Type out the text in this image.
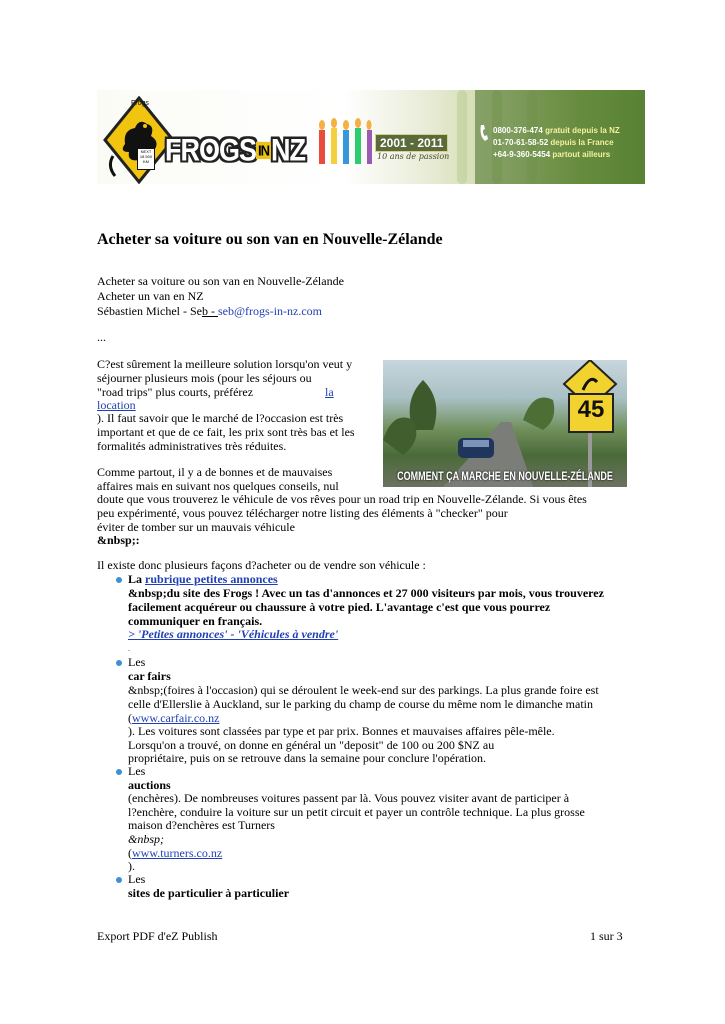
Frogs
NEXT
18 500
KM FROGS INNZ	2001 - 2011
10 ans de passion
0800-376-474 gratuit depuis la NZ
01-70-61-58-52 depuis la France
+64-9-360-5454 partout ailleurs
Acheter sa voiture ou son van en Nouvelle-Zélande
Acheter sa voiture ou son van en Nouvelle-Zélande
Acheter un van en NZ
Sébastien Michel - Seb - seb@frogs-in-nz.com
...
C?est sûrement la meilleure solution lorsqu'on veut y
séjourner plusieurs mois (pour les séjours ou
"road trips" plus courts, préférez	la
location
). Il faut savoir que le marché de l?occasion est très
important et que de ce fait, les prix sont très bas et les
formalités administratives très réduites.
45
COMMENT ÇA MARCHE EN NOUVELLE-ZÉLANDE
Comme partout, il y a de bonnes et de mauvaises
affaires mais en suivant nos quelques conseils, nul
doute que vous trouverez le véhicule de vos rêves pour un road trip en Nouvelle-Zélande. Si vous êtes
peu expérimenté, vous pouvez télécharger notre listing des éléments à "checker" pour
éviter de tomber sur un mauvais véhicule
&nbsp;:
Il existe donc plusieurs façons d?acheter ou de vendre son véhicule :
La rubrique petites annonces
&nbsp;du site des Frogs ! Avec un tas d'annonces et 27 000 visiteurs par mois, vous trouverez
facilement acquéreur ou chaussure à votre pied. L'avantage c'est que vous pourrez
communiquer en français.
> 'Petites annonces' - 'Véhicules à vendre'
.
Les
car fairs
&nbsp;(foires à l'occasion) qui se déroulent le week-end sur des parkings. La plus grande foire est
celle d'Ellerslie à Auckland, sur le parking du champ de course du même nom le dimanche matin
(www.carfair.co.nz
). Les voitures sont classées par type et par prix. Bonnes et mauvaises affaires pêle-mêle.
Lorsqu'on a trouvé, on donne en général un "deposit" de 100 ou 200 $NZ au
propriétaire, puis on se retrouve dans la semaine pour conclure l'opération.
Les
auctions
(enchères). De nombreuses voitures passent par là. Vous pouvez visiter avant de participer à
l?enchère, conduire la voiture sur un petit circuit et payer un contrôle technique. La plus grosse
maison d?enchères est Turners
&nbsp;
(www.turners.co.nz
).
Les
sites de particulier à particulier
Export PDF d'eZ Publish	1 sur 3
